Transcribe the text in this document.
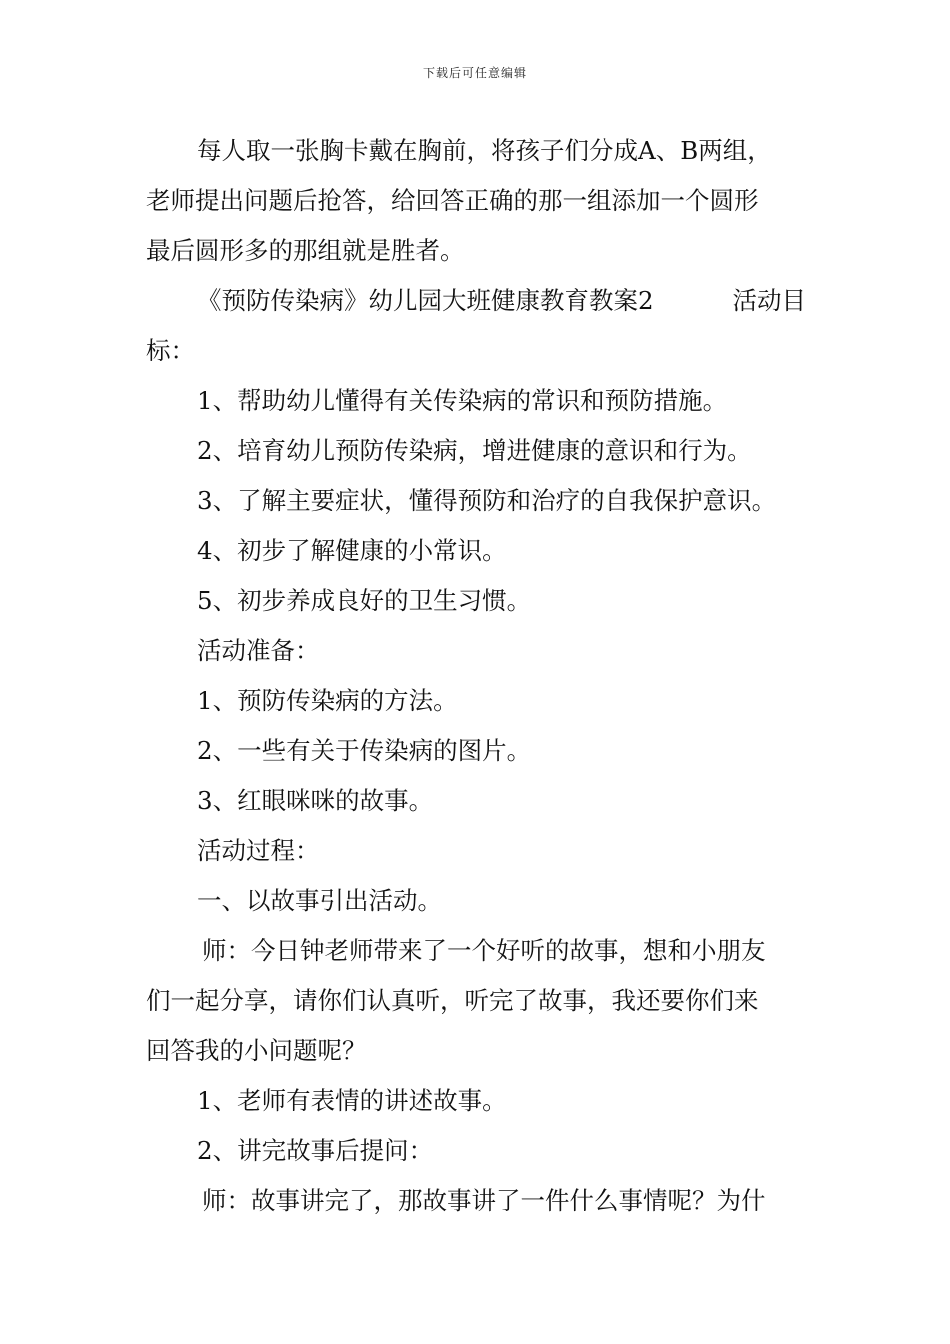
下载后可任意编辑
每人取一张胸卡戴在胸前，将孩子们分成A、B两组，
老师提出问题后抢答，给回答正确的那一组添加一个圆形
最后圆形多的那组就是胜者。
《预防传染病》幼儿园大班健康教育教案2	活动目
标：
1、帮助幼儿懂得有关传染病的常识和预防措施。
2、培育幼儿预防传染病，增进健康的意识和行为。
3、了解主要症状，懂得预防和治疗的自我保护意识。
4、初步了解健康的小常识。
5、初步养成良好的卫生习惯。
活动准备：
1、预防传染病的方法。
2、一些有关于传染病的图片。
3、红眼咪咪的故事。
活动过程：
一、以故事引出活动。
师：今日钟老师带来了一个好听的故事，想和小朋友
们一起分享，请你们认真听，听完了故事，我还要你们来
回答我的小问题呢？
1、老师有表情的讲述故事。
2、讲完故事后提问：
师：故事讲完了，那故事讲了一件什么事情呢？为什
